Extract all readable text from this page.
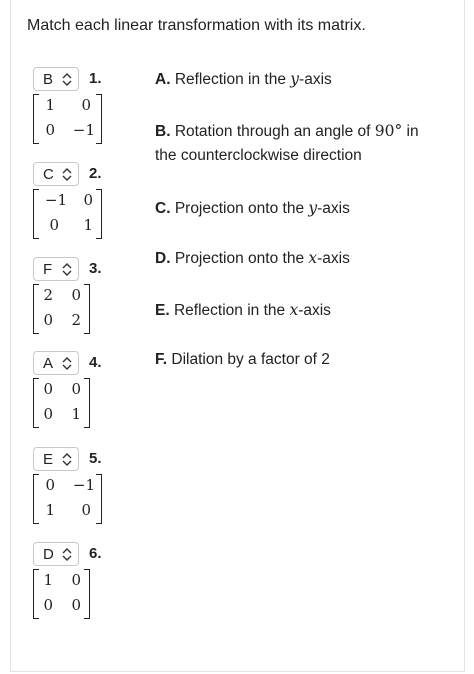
Match each linear transformation with its matrix.
B 1.
1	0
0	−1
C 2.
−1	0
0	1
F 3.
2	0
0	2
A 4.
0	0
0	1
E 5.
0	−1
1	0
D 6.
1	0
0	0
A. Reflection in the y-axis
B. Rotation through an angle of 90° in
the counterclockwise direction
C. Projection onto the y-axis
D. Projection onto the x-axis
E. Reflection in the x-axis
F. Dilation by a factor of 2
